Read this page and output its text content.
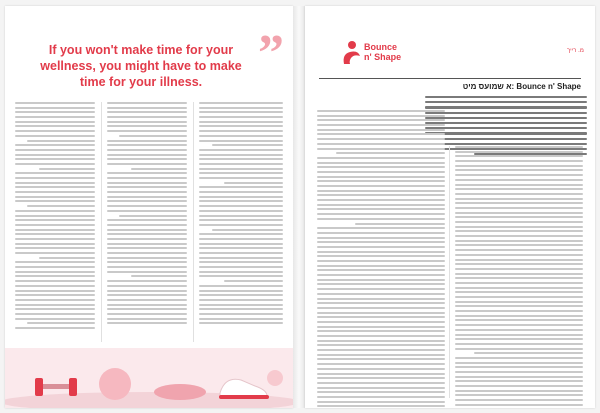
If you won't make time for your wellness, you might have to make time for your illness.	”	מ. רייך
Bounce
n' Shape
א שמועס מיט: Bounce n' Shape
